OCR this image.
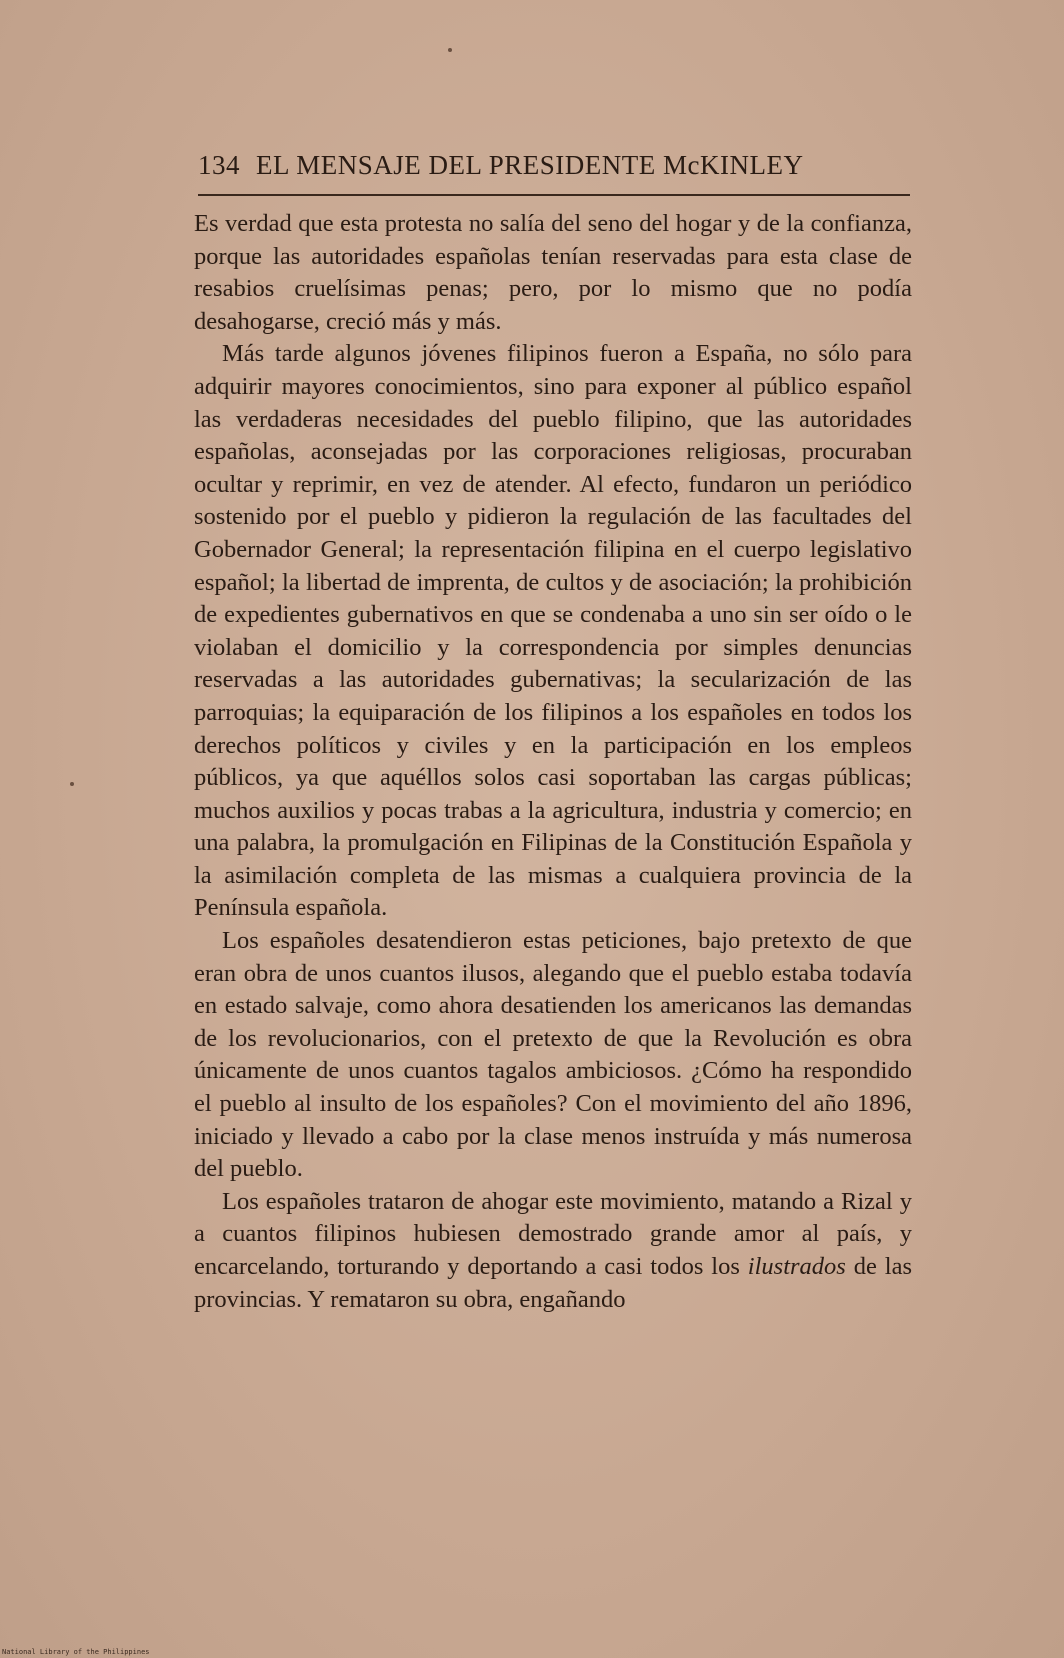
134 EL MENSAJE DEL PRESIDENTE McKINLEY

Es verdad que esta protesta no salía del seno del hogar y de la confianza, porque las autoridades españolas tenían reservadas para esta clase de resabios cruelísimas penas; pero, por lo mismo que no podía desahogarse, creció más y más.

Más tarde algunos jóvenes filipinos fueron a España, no sólo para adquirir mayores conocimientos, sino para exponer al público español las verdaderas necesidades del pueblo filipino, que las autoridades españolas, aconsejadas por las corporaciones religiosas, procuraban ocultar y reprimir, en vez de atender. Al efecto, fundaron un periódico sostenido por el pueblo y pidieron la regulación de las facultades del Gobernador General; la representación filipina en el cuerpo legislativo español; la libertad de imprenta, de cultos y de asociación; la prohibición de expedientes gubernativos en que se condenaba a uno sin ser oído o le violaban el domicilio y la correspondencia por simples denuncias reservadas a las autoridades gubernativas; la secularización de las parroquias; la equiparación de los filipinos a los españoles en todos los derechos políticos y civiles y en la participación en los empleos públicos, ya que aquéllos solos casi soportaban las cargas públicas; muchos auxilios y pocas trabas a la agricultura, industria y comercio; en una palabra, la promulgación en Filipinas de la Constitución Española y la asimilación completa de las mismas a cualquiera provincia de la Península española.

Los españoles desatendieron estas peticiones, bajo pretexto de que eran obra de unos cuantos ilusos, alegando que el pueblo estaba todavía en estado salvaje, como ahora desatienden los americanos las demandas de los revolucionarios, con el pretexto de que la Revolución es obra únicamente de unos cuantos tagalos ambiciosos. ¿Cómo ha respondido el pueblo al insulto de los españoles? Con el movimiento del año 1896, iniciado y llevado a cabo por la clase menos instruída y más numerosa del pueblo.

Los españoles trataron de ahogar este movimiento, matando a Rizal y a cuantos filipinos hubiesen demostrado grande amor al país, y encarcelando, torturando y deportando a casi todos los ilustrados de las provincias. Y remataron su obra, engañando

National Library of the Philippines
